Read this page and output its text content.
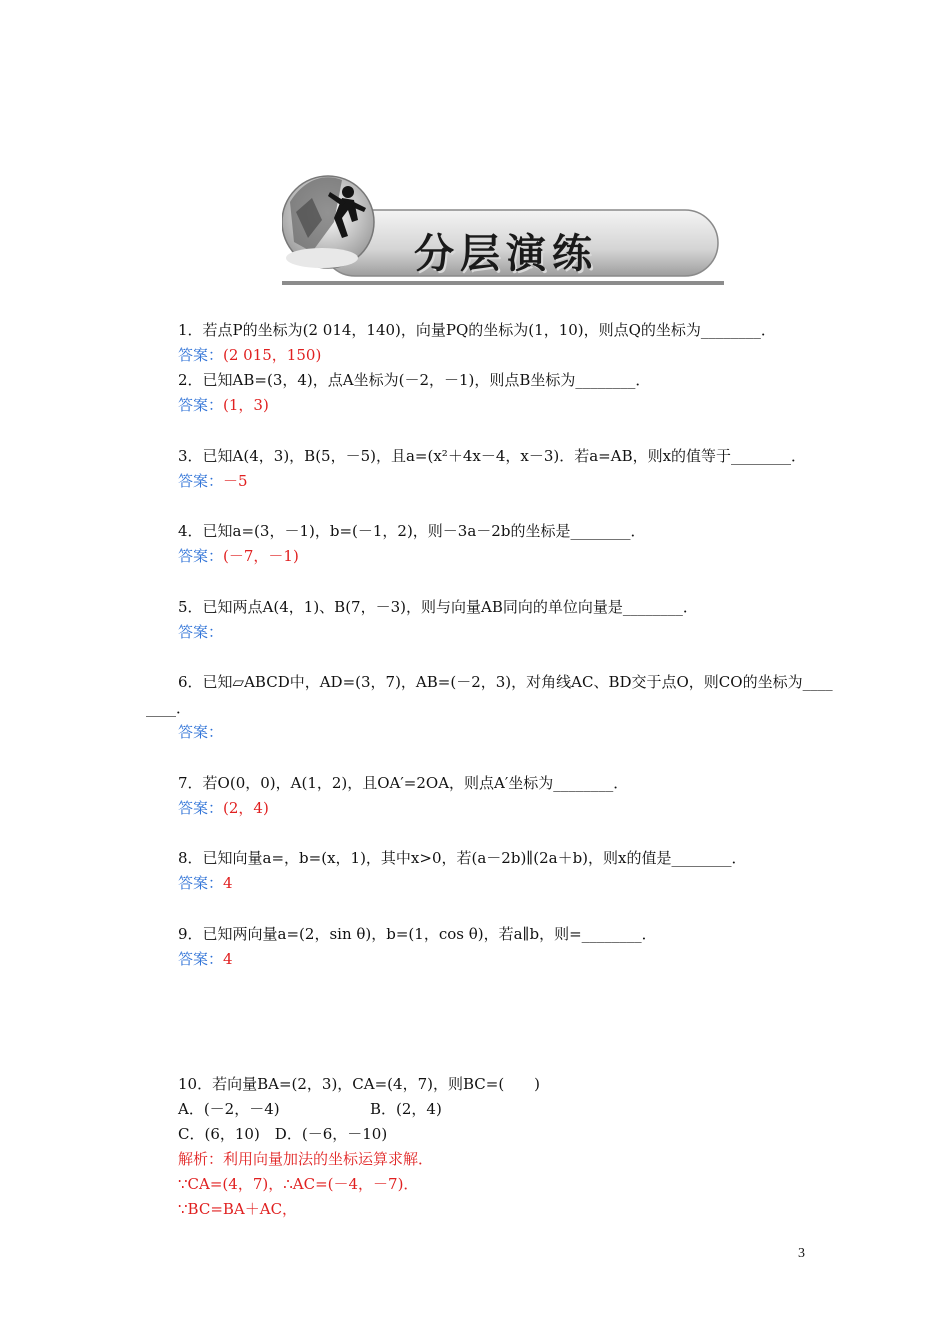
分层演练
1．若点P的坐标为(2 014，140)，向量PQ的坐标为(1，10)，则点Q的坐标为________．
答案：(2 015，150)
2．已知AB=(3，4)，点A坐标为(－2，－1)，则点B坐标为________．
答案：(1，3)
3．已知A(4，3)，B(5，－5)，且a=(x²＋4x－4，x－3)．若a=AB，则x的值等于________．
答案：－5
4．已知a=(3，－1)，b=(－1，2)，则－3a－2b的坐标是________．
答案：(－7，－1)
5．已知两点A(4，1)、B(7，－3)，则与向量AB同向的单位向量是________．
答案：
6．已知▱ABCD中，AD=(3，7)，AB=(－2，3)，对角线AC、BD交于点O，则CO的坐标为____
____．
答案：
7．若O(0，0)，A(1，2)，且OA′=2OA，则点A′坐标为________．
答案：(2，4)
8．已知向量a=，b=(x，1)，其中x>0，若(a－2b)∥(2a＋b)，则x的值是________．
答案：4
9．已知两向量a=(2，sin θ)，b=(1，cos θ)，若a∥b，则=________．
答案：4
10．若向量BA=(2，3)，CA=(4，7)，则BC=(　　)
A．(－2，－4)	B．(2，4)
C．(6，10)　D．(－6，－10)
解析：利用向量加法的坐标运算求解．
∵CA=(4，7)，∴AC=(－4，－7)．
∵BC=BA＋AC，
3
